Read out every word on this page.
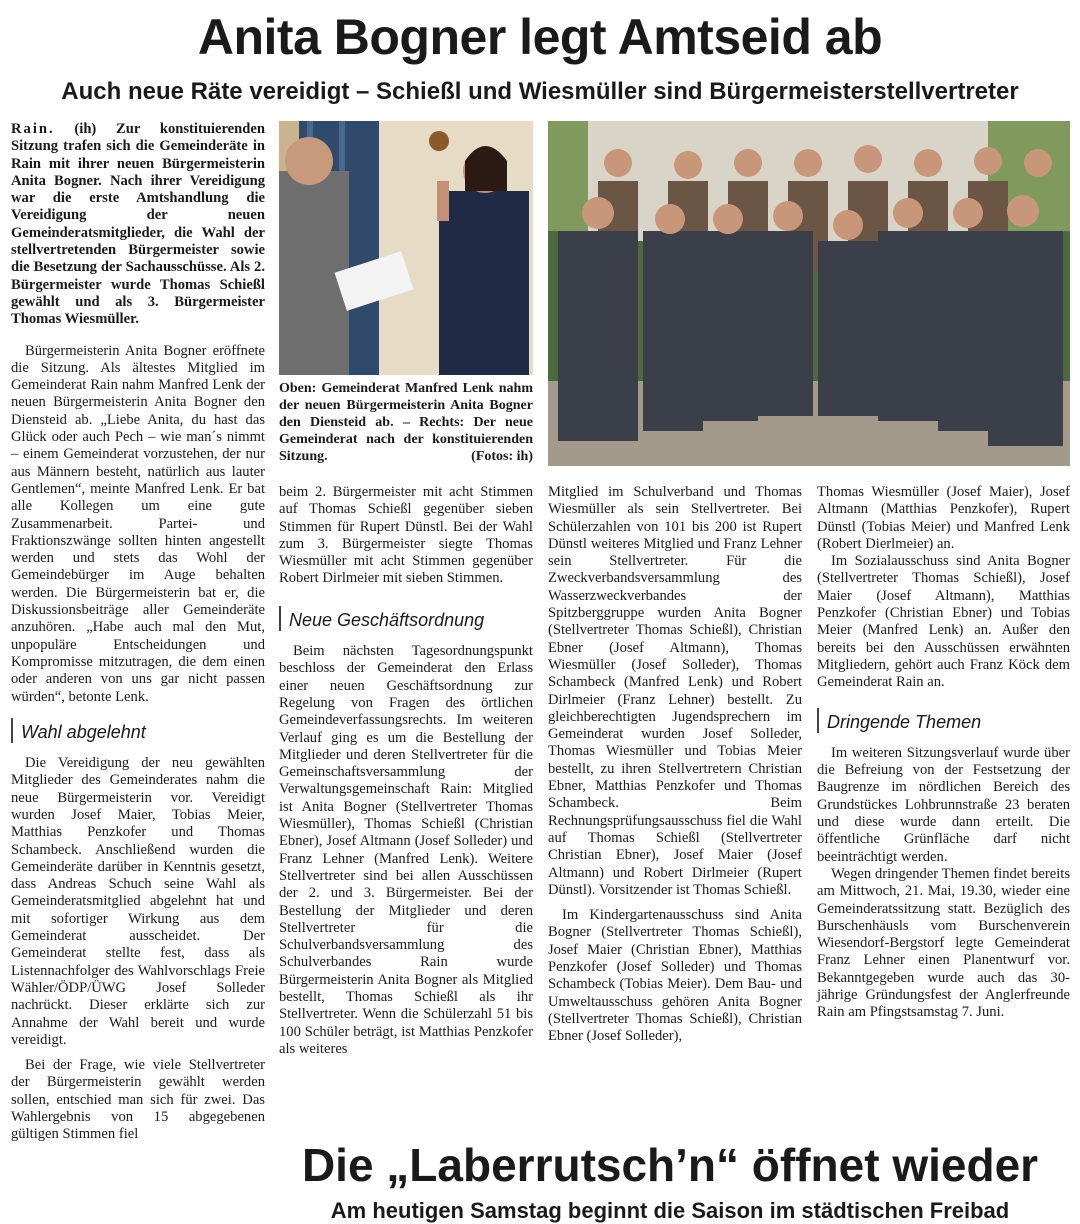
Anita Bogner legt Amtseid ab
Auch neue Räte vereidigt – Schießl und Wiesmüller sind Bürgermeisterstellvertreter

Rain. (ih) Zur konstituierenden Sitzung trafen sich die Gemeinderäte in Rain mit ihrer neuen Bürgermeisterin Anita Bogner. Nach ihrer Vereidigung war die erste Amtshandlung die Vereidigung der neuen Gemeinderatsmitglieder, die Wahl der stellvertretenden Bürgermeister sowie die Besetzung der Sachausschüsse. Als 2. Bürgermeister wurde Thomas Schießl gewählt und als 3. Bürgermeister Thomas Wiesmüller.

Bürgermeisterin Anita Bogner eröffnete die Sitzung. Als ältestes Mitglied im Gemeinderat Rain nahm Manfred Lenk der neuen Bürgermeisterin Anita Bogner den Diensteid ab. „Liebe Anita, du hast das Glück oder auch Pech – wie man´s nimmt – einem Gemeinderat vorzustehen, der nur aus Männern besteht, natürlich aus lauter Gentlemen“, meinte Manfred Lenk. Er bat alle Kollegen um eine gute Zusammenarbeit. Partei- und Fraktionszwänge sollten hinten angestellt werden und stets das Wohl der Gemeindebürger im Auge behalten werden. Die Bürgermeisterin bat er, die Diskussionsbeiträge aller Gemeinderäte anzuhören. „Habe auch mal den Mut, unpopuläre Entscheidungen und Kompromisse mitzutragen, die dem einen oder anderen von uns gar nicht passen würden“, betonte Lenk.

Wahl abgelehnt

Die Vereidigung der neu gewählten Mitglieder des Gemeinderates nahm die neue Bürgermeisterin vor. Vereidigt wurden Josef Maier, Tobias Meier, Matthias Penzkofer und Thomas Schambeck. Anschließend wurden die Gemeinderäte darüber in Kenntnis gesetzt, dass Andreas Schuch seine Wahl als Gemeinderatsmitglied abgelehnt hat und mit sofortiger Wirkung aus dem Gemeinderat ausscheidet. Der Gemeinderat stellte fest, dass als Listennachfolger des Wahlvorschlags Freie Wähler/ÖDP/ÜWG Josef Solleder nachrückt. Dieser erklärte sich zur Annahme der Wahl bereit und wurde vereidigt.

Bei der Frage, wie viele Stellvertreter der Bürgermeisterin gewählt werden sollen, entschied man sich für zwei. Das Wahlergebnis von 15 abgegebenen gültigen Stimmen fiel

Oben: Gemeinderat Manfred Lenk nahm der neuen Bürgermeisterin Anita Bogner den Diensteid ab. – Rechts: Der neue Gemeinderat nach der konstituierenden Sitzung.	(Fotos: ih)

beim 2. Bürgermeister mit acht Stimmen auf Thomas Schießl gegenüber sieben Stimmen für Rupert Dünstl. Bei der Wahl zum 3. Bürgermeister siegte Thomas Wiesmüller mit acht Stimmen gegenüber Robert Dirlmeier mit sieben Stimmen.

Neue Geschäftsordnung

Beim nächsten Tagesordnungspunkt beschloss der Gemeinderat den Erlass einer neuen Geschäftsordnung zur Regelung von Fragen des örtlichen Gemeindeverfassungsrechts. Im weiteren Verlauf ging es um die Bestellung der Mitglieder und deren Stellvertreter für die Gemeinschaftsversammlung der Verwaltungsgemeinschaft Rain: Mitglied ist Anita Bogner (Stellvertreter Thomas Wiesmüller), Thomas Schießl (Christian Ebner), Josef Altmann (Josef Solleder) und Franz Lehner (Manfred Lenk). Weitere Stellvertreter sind bei allen Ausschüssen der 2. und 3. Bürgermeister. Bei der Bestellung der Mitglieder und deren Stellvertreter für die Schulverbandsversammlung des Schulverbandes Rain wurde Bürgermeisterin Anita Bogner als Mitglied bestellt, Thomas Schießl als ihr Stellvertreter. Wenn die Schülerzahl 51 bis 100 Schüler beträgt, ist Matthias Penzkofer als weiteres

Mitglied im Schulverband und Thomas Wiesmüller als sein Stellvertreter. Bei Schülerzahlen von 101 bis 200 ist Rupert Dünstl weiteres Mitglied und Franz Lehner sein Stellvertreter. Für die Zweckverbandsversammlung des Wasserzweckverbandes der Spitzberggruppe wurden Anita Bogner (Stellvertreter Thomas Schießl), Christian Ebner (Josef Altmann), Thomas Wiesmüller (Josef Solleder), Thomas Schambeck (Manfred Lenk) und Robert Dirlmeier (Franz Lehner) bestellt. Zu gleichberechtigten Jugendsprechern im Gemeinderat wurden Josef Solleder, Thomas Wiesmüller und Tobias Meier bestellt, zu ihren Stellvertretern Christian Ebner, Matthias Penzkofer und Thomas Schambeck. Beim Rechnungsprüfungsausschuss fiel die Wahl auf Thomas Schießl (Stellvertreter Christian Ebner), Josef Maier (Josef Altmann) und Robert Dirlmeier (Rupert Dünstl). Vorsitzender ist Thomas Schießl.

Im Kindergartenausschuss sind Anita Bogner (Stellvertreter Thomas Schießl), Josef Maier (Christian Ebner), Matthias Penzkofer (Josef Solleder) und Thomas Schambeck (Tobias Meier). Dem Bau- und Umweltausschuss gehören Anita Bogner (Stellvertreter Thomas Schießl), Christian Ebner (Josef Solleder),

Thomas Wiesmüller (Josef Maier), Josef Altmann (Matthias Penzkofer), Rupert Dünstl (Tobias Meier) und Manfred Lenk (Robert Dierlmeier) an.

Im Sozialausschuss sind Anita Bogner (Stellvertreter Thomas Schießl), Josef Maier (Josef Altmann), Matthias Penzkofer (Christian Ebner) und Tobias Meier (Manfred Lenk) an. Außer den bereits bei den Ausschüssen erwähnten Mitgliedern, gehört auch Franz Köck dem Gemeinderat Rain an.

Dringende Themen

Im weiteren Sitzungsverlauf wurde über die Befreiung von der Festsetzung der Baugrenze im nördlichen Bereich des Grundstückes Lohbrunnstraße 23 beraten und diese wurde dann erteilt. Die öffentliche Grünfläche darf nicht beeinträchtigt werden.

Wegen dringender Themen findet bereits am Mittwoch, 21. Mai, 19.30, wieder eine Gemeinderatssitzung statt. Bezüglich des Burschenhäusls vom Burschenverein Wiesendorf-Bergstorf legte Gemeinderat Franz Lehner einen Planentwurf vor. Bekanntgegeben wurde auch das 30-jährige Gründungsfest der Anglerfreunde Rain am Pfingstsamstag 7. Juni.

Die „Laberrutsch’n“ öffnet wieder
Am heutigen Samstag beginnt die Saison im städtischen Freibad
